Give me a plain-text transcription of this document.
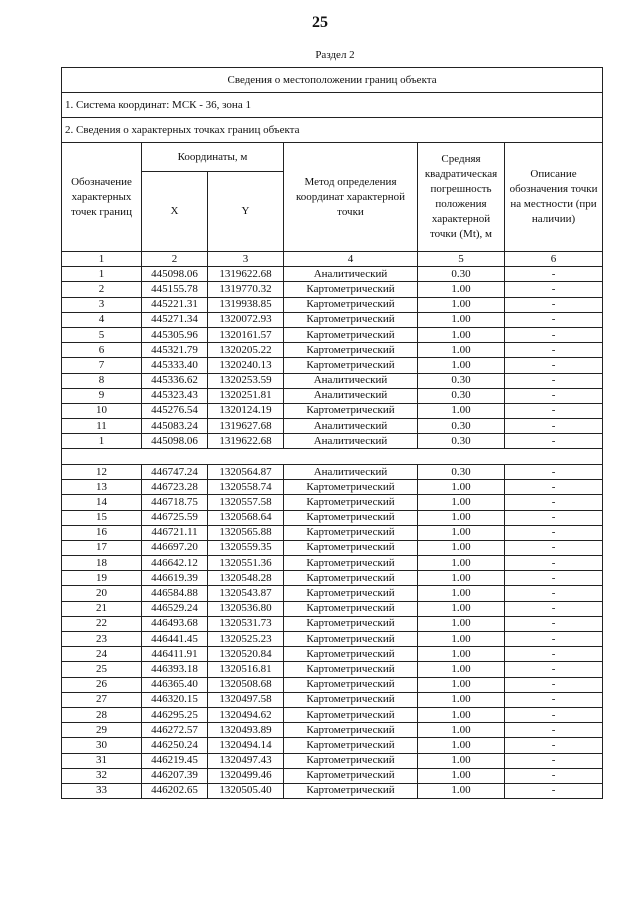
25
Раздел 2
Сведения о местоположении границ объекта					
1. Система координат: МСК - 36, зона 1					
2. Сведения о характерных точках границ объекта					
Обозначение характерных точек границ	Координаты, м		Метод определения координат характерной точки	Средняя квадратическая погрешность положения характерной точки (Mt), м	Описание обозначения точки на местности (при наличии)
	X	Y			
1	2	3	4	5	6
1	445098.06	1319622.68	Аналитический	0.30	-
2	445155.78	1319770.32	Картометрический	1.00	-
3	445221.31	1319938.85	Картометрический	1.00	-
4	445271.34	1320072.93	Картометрический	1.00	-
5	445305.96	1320161.57	Картометрический	1.00	-
6	445321.79	1320205.22	Картометрический	1.00	-
7	445333.40	1320240.13	Картометрический	1.00	-
8	445336.62	1320253.59	Аналитический	0.30	-
9	445323.43	1320251.81	Аналитический	0.30	-
10	445276.54	1320124.19	Картометрический	1.00	-
11	445083.24	1319627.68	Аналитический	0.30	-
1	445098.06	1319622.68	Аналитический	0.30	-

12	446747.24	1320564.87	Аналитический	0.30	-
13	446723.28	1320558.74	Картометрический	1.00	-
14	446718.75	1320557.58	Картометрический	1.00	-
15	446725.59	1320568.64	Картометрический	1.00	-
16	446721.11	1320565.88	Картометрический	1.00	-
17	446697.20	1320559.35	Картометрический	1.00	-
18	446642.12	1320551.36	Картометрический	1.00	-
19	446619.39	1320548.28	Картометрический	1.00	-
20	446584.88	1320543.87	Картометрический	1.00	-
21	446529.24	1320536.80	Картометрический	1.00	-
22	446493.68	1320531.73	Картометрический	1.00	-
23	446441.45	1320525.23	Картометрический	1.00	-
24	446411.91	1320520.84	Картометрический	1.00	-
25	446393.18	1320516.81	Картометрический	1.00	-
26	446365.40	1320508.68	Картометрический	1.00	-
27	446320.15	1320497.58	Картометрический	1.00	-
28	446295.25	1320494.62	Картометрический	1.00	-
29	446272.57	1320493.89	Картометрический	1.00	-
30	446250.24	1320494.14	Картометрический	1.00	-
31	446219.45	1320497.43	Картометрический	1.00	-
32	446207.39	1320499.46	Картометрический	1.00	-
33	446202.65	1320505.40	Картометрический	1.00	-
